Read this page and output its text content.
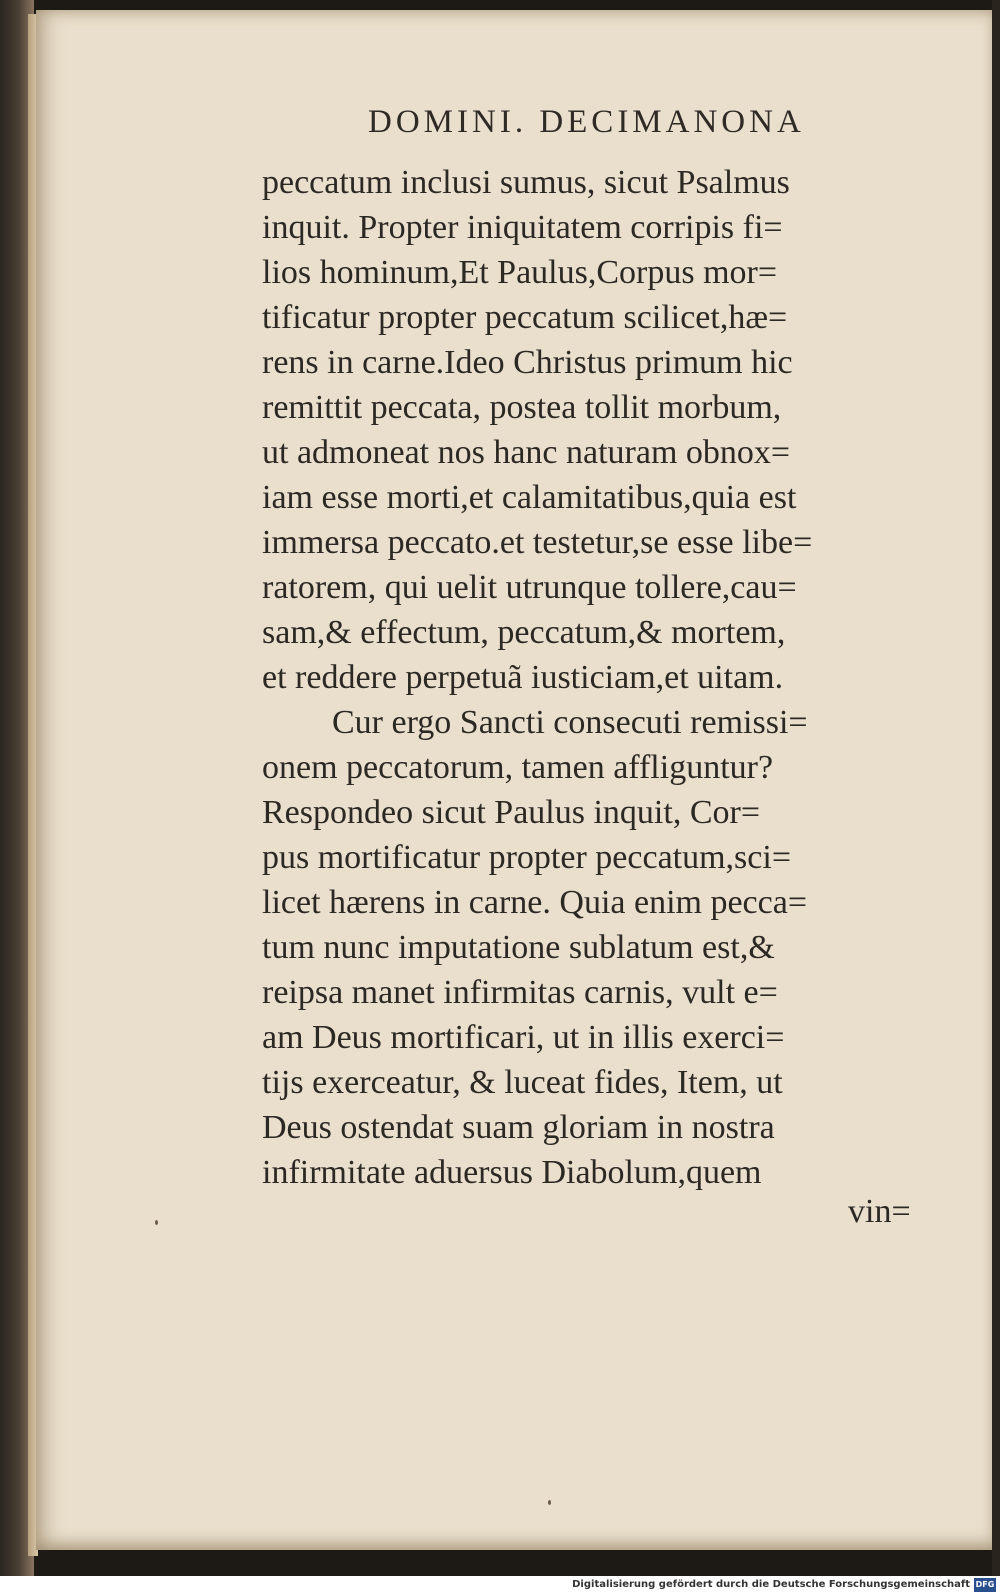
DOMINI. DECIMANONA
peccatum inclusi sumus, sicut Psalmus
inquit. Propter iniquitatem corripis fi=
lios hominum,Et Paulus,Corpus mor=
tificatur propter peccatum scilicet,hæ=
rens in carne.Ideo Christus primum hic
remittit peccata, postea tollit morbum,
ut admoneat nos hanc naturam obnox=
iam esse morti,et calamitatibus,quia est
immersa peccato.et testetur,se esse libe=
ratorem, qui uelit utrunque tollere,cau=
sam,& effectum, peccatum,& mortem,
et reddere perpetuã iusticiam,et uitam.
Cur ergo Sancti consecuti remissi=
onem peccatorum, tamen affliguntur?
Respondeo sicut Paulus inquit, Cor=
pus mortificatur propter peccatum,sci=
licet hærens in carne. Quia enim pecca=
tum nunc imputatione sublatum est,&
reipsa manet infirmitas carnis, vult e=
am Deus mortificari, ut in illis exerci=
tijs exerceatur, & luceat fides, Item, ut
Deus ostendat suam gloriam in nostra
infirmitate aduersus Diabolum,quem
vin=
Digitalisierung gefördert durch die Deutsche Forschungsgemeinschaft DFG
